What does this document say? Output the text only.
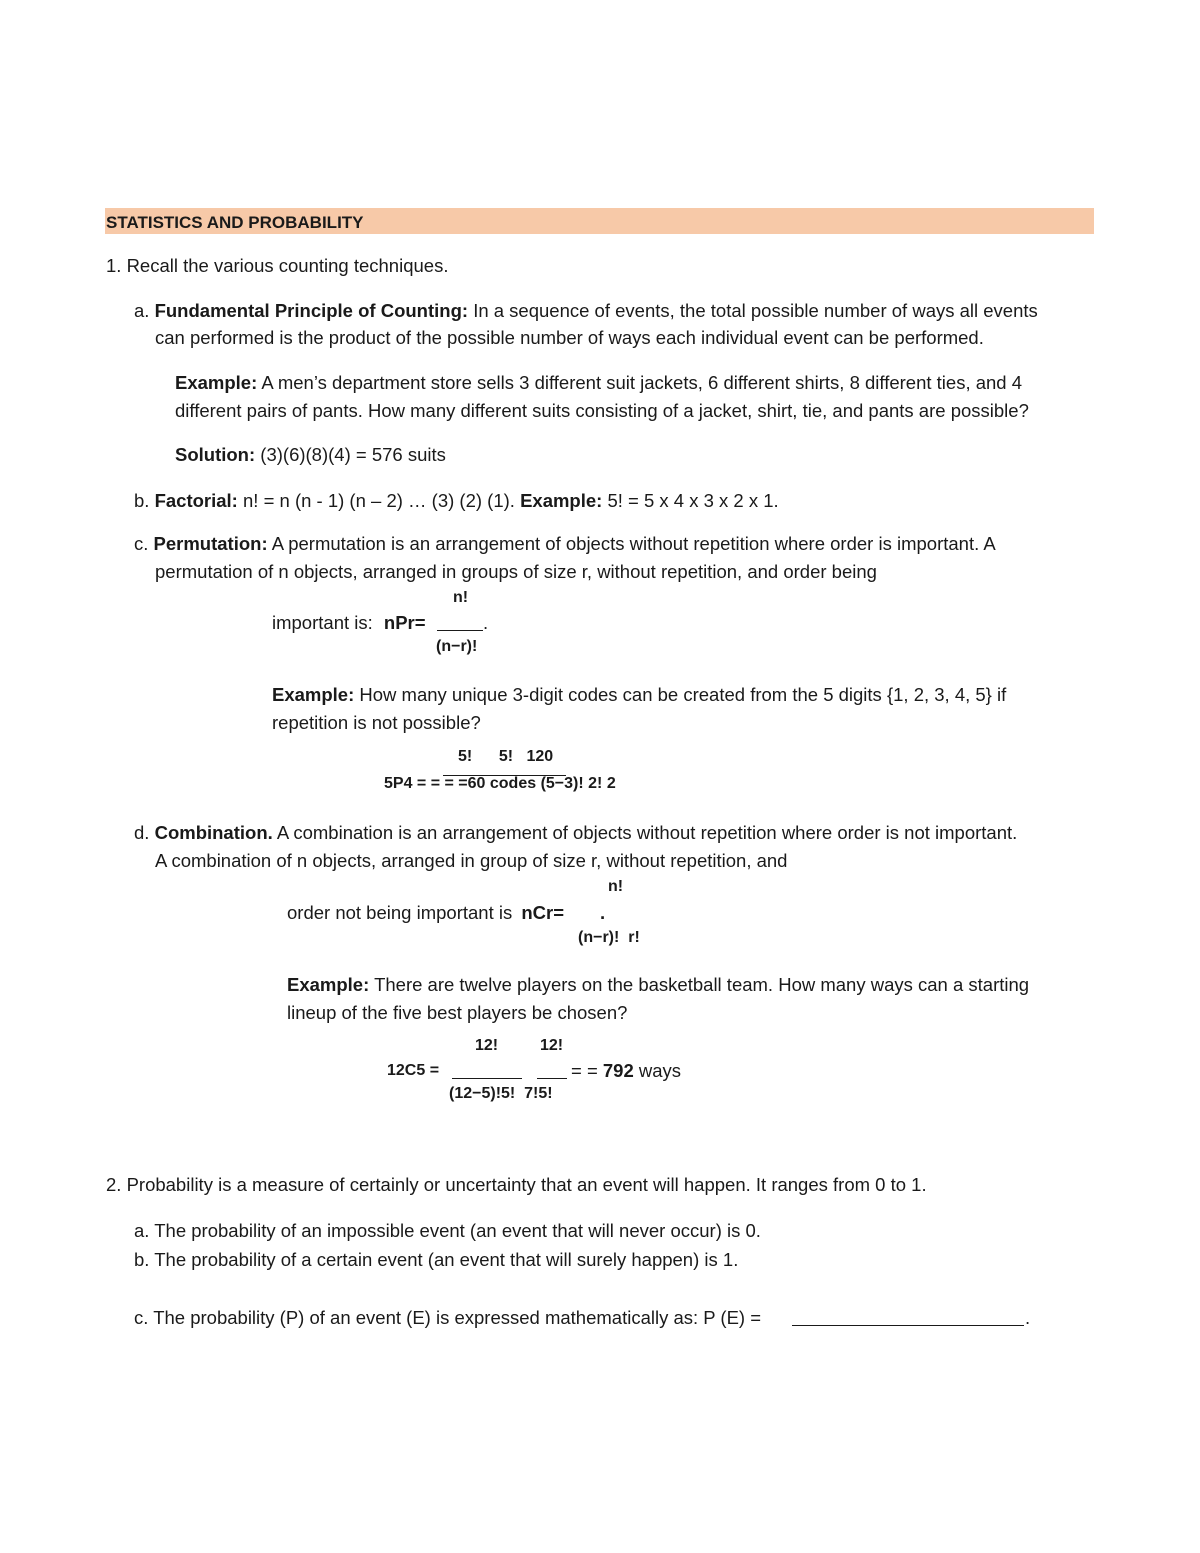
STATISTICS AND PROBABILITY
1. Recall the various counting techniques.
a. Fundamental Principle of Counting: In a sequence of events, the total possible number of ways all events
can performed is the product of the possible number of ways each individual event can be performed.
Example: A men’s department store sells 3 different suit jackets, 6 different shirts, 8 different ties, and 4
different pairs of pants. How many different suits consisting of a jacket, shirt, tie, and pants are possible?
Solution: (3)(6)(8)(4) = 576 suits
b. Factorial: n! = n (n - 1) (n – 2) … (3) (2) (1). Example: 5! = 5 x 4 x 3 x 2 x 1.
c. Permutation: A permutation is an arrangement of objects without repetition where order is important. A
permutation of n objects, arranged in groups of size r, without repetition, and order being
n!
important is: nPr=	.
(n−r)!
Example: How many unique 3-digit codes can be created from the 5 digits {1, 2, 3, 4, 5} if
repetition is not possible?
5!      5!   120
5P4 = = = =60 codes (5−3)! 2! 2
d. Combination. A combination is an arrangement of objects without repetition where order is not important.
A combination of n objects, arranged in group of size r, without repetition, and
n!
order not being important is nCr= .
(n−r)!  r!
Example: There are twelve players on the basketball team. How many ways can a starting
lineup of the five best players be chosen?
12!	12!
12C5 =	= = 792 ways
(12−5)!5!  7!5!
2. Probability is a measure of certainly or uncertainty that an event will happen. It ranges from 0 to 1.
a. The probability of an impossible event (an event that will never occur) is 0.
b. The probability of a certain event (an event that will surely happen) is 1.
c. The probability (P) of an event (E) is expressed mathematically as: P (E) =	.
